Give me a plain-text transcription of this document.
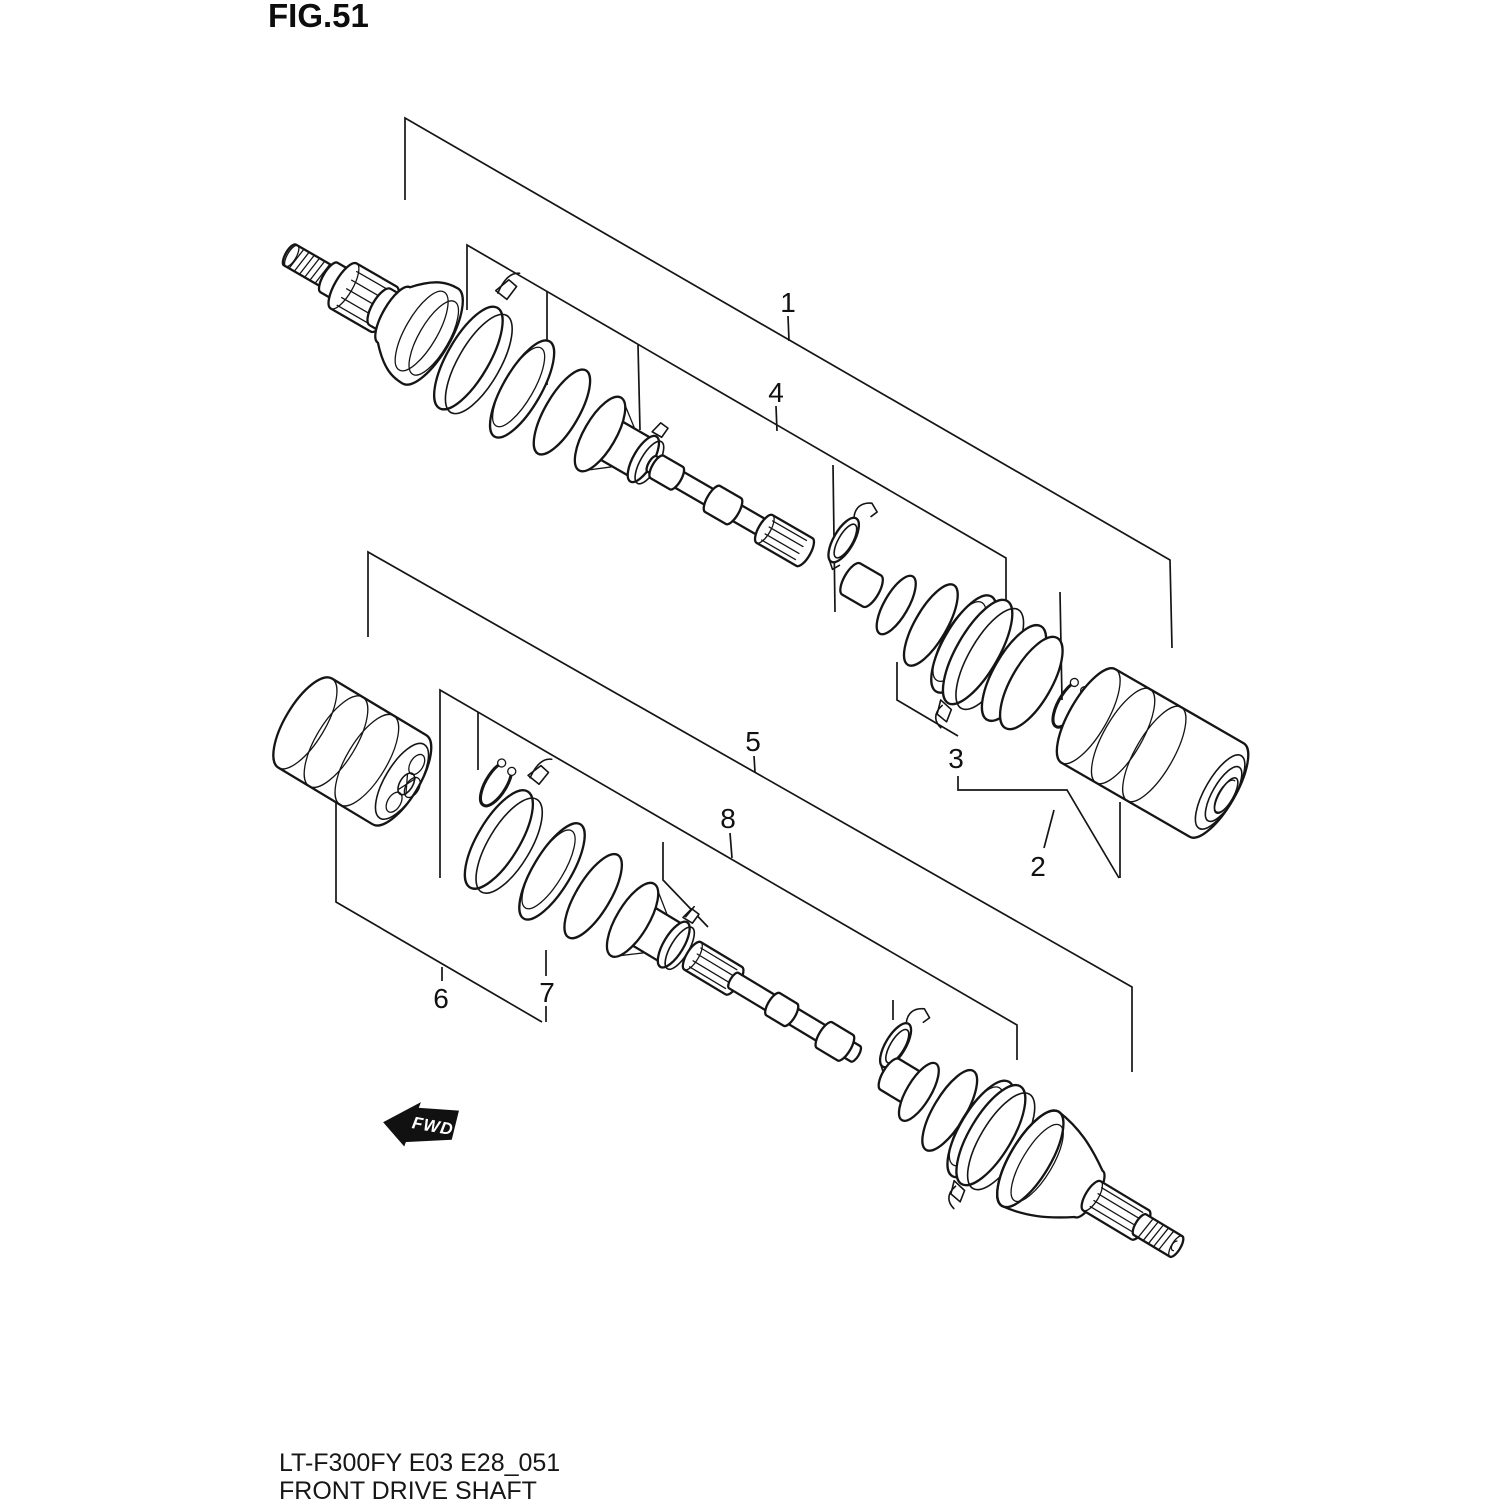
FIG.51
1
4
3
2
5
8
6	7
FWD
LT-F300FY E03 E28_051
FRONT DRIVE SHAFT
